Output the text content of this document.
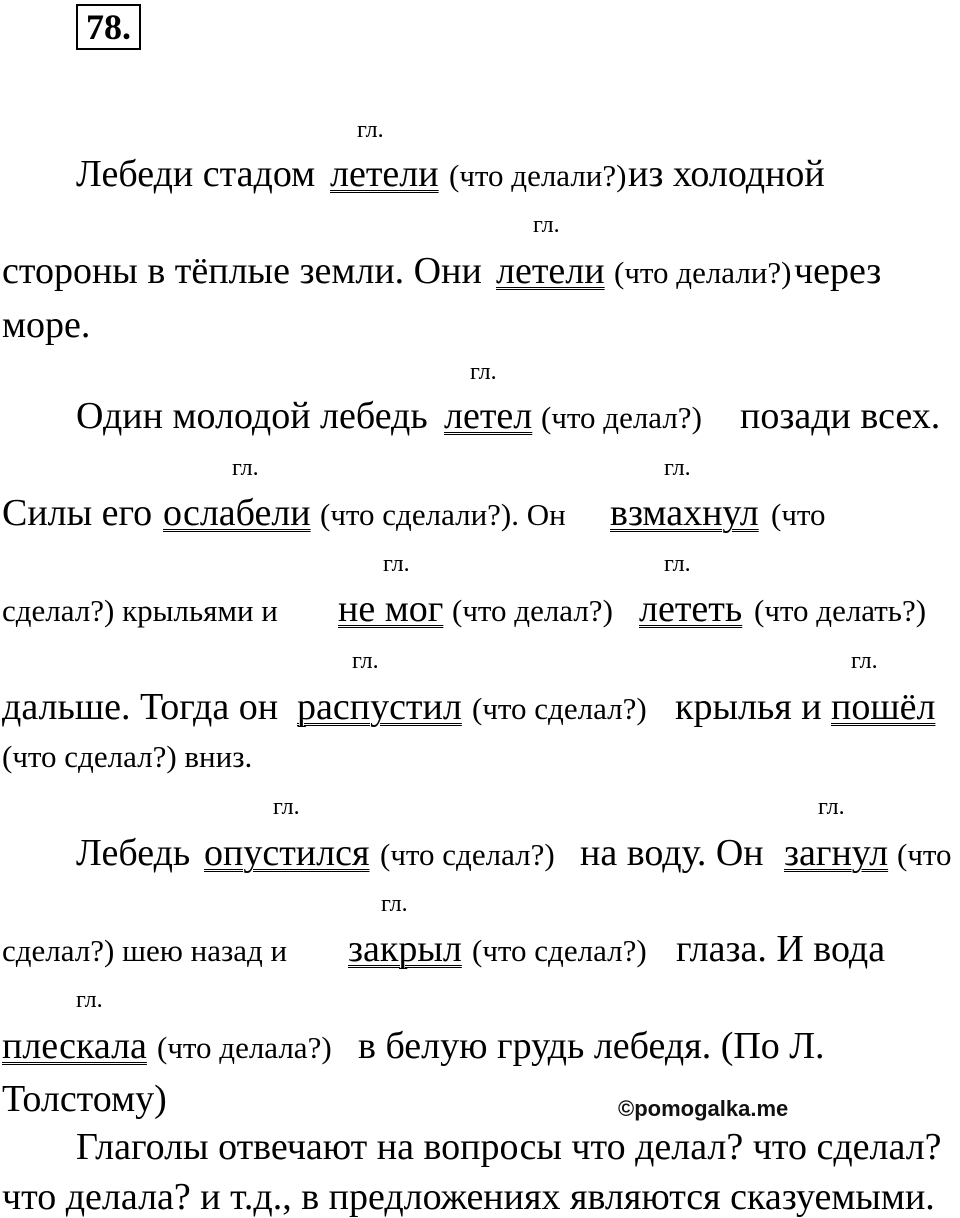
78.
гл.
Лебеди стадом летели (что делали?) из холодной
гл.
стороны в тёплые земли. Они летели (что делали?) через
море.
гл.
Один молодой лебедь летел (что делал?) позади всех.
гл.	гл.
Силы его ослабели (что сделали?). Он взмахнул (что
гл.	гл.
сделал?) крыльями и не мог (что делал?) лететь (что делать?)
гл.	гл.
дальше. Тогда он распустил (что сделал?) крылья и пошёл
(что сделал?) вниз.
гл.	гл.
Лебедь опустился (что сделал?) на воду. Он загнул (что
гл.
сделал?) шею назад и закрыл (что сделал?) глаза. И вода
гл.
плескала (что делала?) в белую грудь лебедя. (По Л.
Толстому)	©pomogalka.me
Глаголы отвечают на вопросы что делал? что сделал?
что делала? и т.д., в предложениях являются сказуемыми.
